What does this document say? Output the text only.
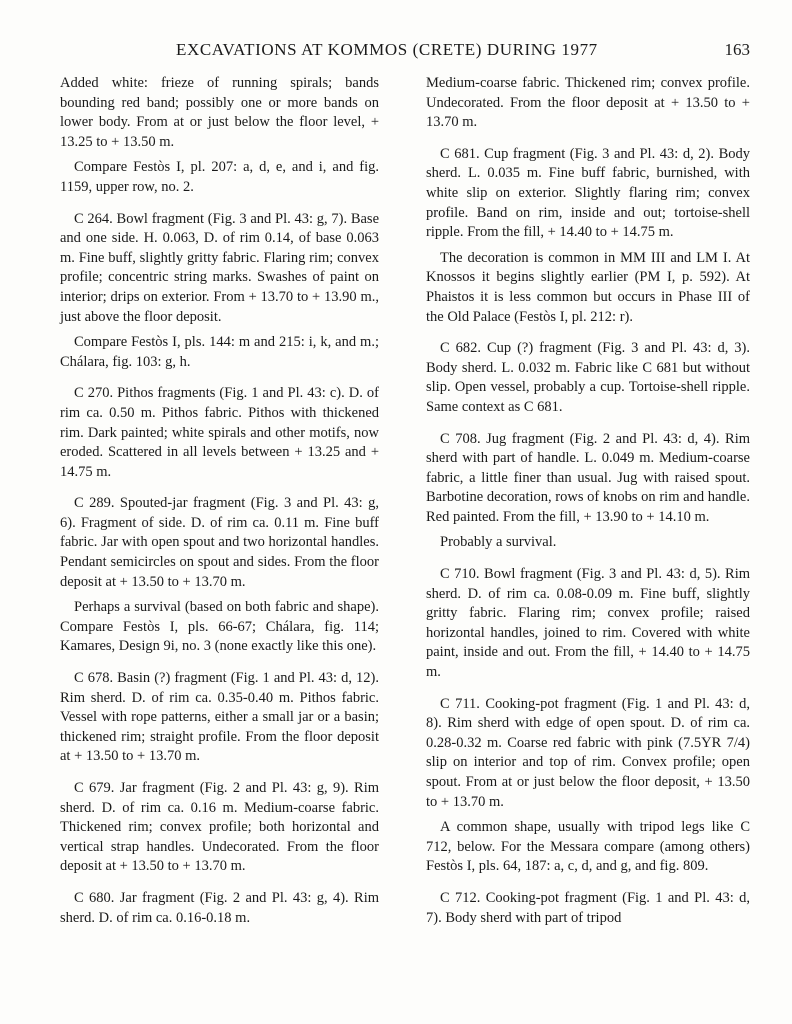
EXCAVATIONS AT KOMMOS (CRETE) DURING 1977	163

Added white: frieze of running spirals; bands bounding red band; possibly one or more bands on lower body. From at or just below the floor level, + 13.25 to + 13.50 m.

Compare Festòs I, pl. 207: a, d, e, and i, and fig. 1159, upper row, no. 2.

C 264. Bowl fragment (Fig. 3 and Pl. 43: g, 7). Base and one side. H. 0.063, D. of rim 0.14, of base 0.063 m. Fine buff, slightly gritty fabric. Flaring rim; convex profile; concentric string marks. Swashes of paint on interior; drips on exterior. From + 13.70 to + 13.90 m., just above the floor deposit.

Compare Festòs I, pls. 144: m and 215: i, k, and m.; Chálara, fig. 103: g, h.

C 270. Pithos fragments (Fig. 1 and Pl. 43: c). D. of rim ca. 0.50 m. Pithos fabric. Pithos with thickened rim. Dark painted; white spirals and other motifs, now eroded. Scattered in all levels between + 13.25 and + 14.75 m.

C 289. Spouted-jar fragment (Fig. 3 and Pl. 43: g, 6). Fragment of side. D. of rim ca. 0.11 m. Fine buff fabric. Jar with open spout and two horizontal handles. Pendant semicircles on spout and sides. From the floor deposit at + 13.50 to + 13.70 m.

Perhaps a survival (based on both fabric and shape). Compare Festòs I, pls. 66-67; Chálara, fig. 114; Kamares, Design 9i, no. 3 (none exactly like this one).

C 678. Basin (?) fragment (Fig. 1 and Pl. 43: d, 12). Rim sherd. D. of rim ca. 0.35-0.40 m. Pithos fabric. Vessel with rope patterns, either a small jar or a basin; thickened rim; straight profile. From the floor deposit at + 13.50 to + 13.70 m.

C 679. Jar fragment (Fig. 2 and Pl. 43: g, 9). Rim sherd. D. of rim ca. 0.16 m. Medium-coarse fabric. Thickened rim; convex profile; both horizontal and vertical strap handles. Undecorated. From the floor deposit at + 13.50 to + 13.70 m.

C 680. Jar fragment (Fig. 2 and Pl. 43: g, 4). Rim sherd. D. of rim ca. 0.16-0.18 m.

Medium-coarse fabric. Thickened rim; convex profile. Undecorated. From the floor deposit at + 13.50 to + 13.70 m.

C 681. Cup fragment (Fig. 3 and Pl. 43: d, 2). Body sherd. L. 0.035 m. Fine buff fabric, burnished, with white slip on exterior. Slightly flaring rim; convex profile. Band on rim, inside and out; tortoise-shell ripple. From the fill, + 14.40 to + 14.75 m.

The decoration is common in MM III and LM I. At Knossos it begins slightly earlier (PM I, p. 592). At Phaistos it is less common but occurs in Phase III of the Old Palace (Festòs I, pl. 212: r).

C 682. Cup (?) fragment (Fig. 3 and Pl. 43: d, 3). Body sherd. L. 0.032 m. Fabric like C 681 but without slip. Open vessel, probably a cup. Tortoise-shell ripple. Same context as C 681.

C 708. Jug fragment (Fig. 2 and Pl. 43: d, 4). Rim sherd with part of handle. L. 0.049 m. Medium-coarse fabric, a little finer than usual. Jug with raised spout. Barbotine decoration, rows of knobs on rim and handle. Red painted. From the fill, + 13.90 to + 14.10 m.

Probably a survival.

C 710. Bowl fragment (Fig. 3 and Pl. 43: d, 5). Rim sherd. D. of rim ca. 0.08-0.09 m. Fine buff, slightly gritty fabric. Flaring rim; convex profile; raised horizontal handles, joined to rim. Covered with white paint, inside and out. From the fill, + 14.40 to + 14.75 m.

C 711. Cooking-pot fragment (Fig. 1 and Pl. 43: d, 8). Rim sherd with edge of open spout. D. of rim ca. 0.28-0.32 m. Coarse red fabric with pink (7.5YR 7/4) slip on interior and top of rim. Convex profile; open spout. From at or just below the floor deposit, + 13.50 to + 13.70 m.

A common shape, usually with tripod legs like C 712, below. For the Messara compare (among others) Festòs I, pls. 64, 187: a, c, d, and g, and fig. 809.

C 712. Cooking-pot fragment (Fig. 1 and Pl. 43: d, 7). Body sherd with part of tripod
